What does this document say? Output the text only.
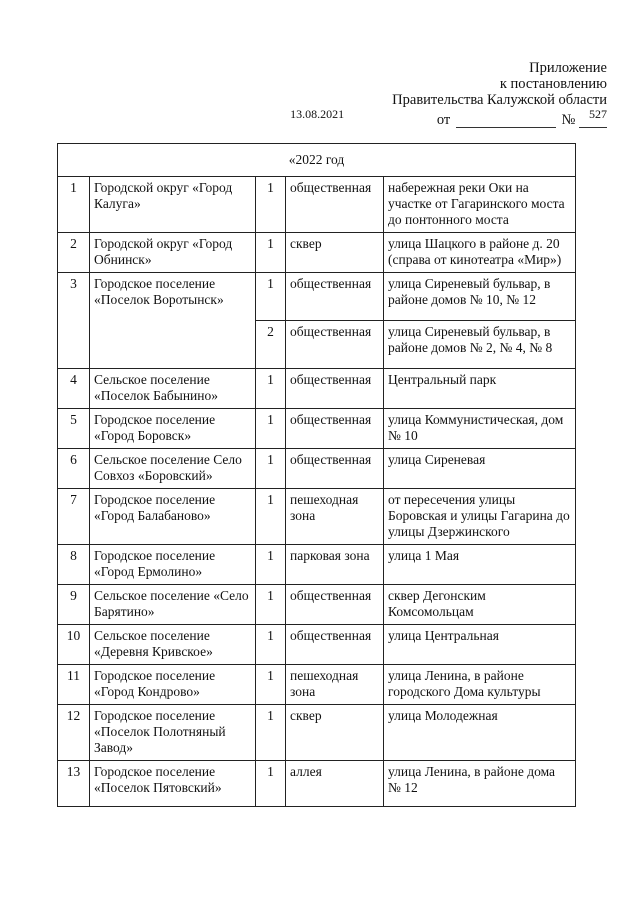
Приложение
к постановлению
Правительства Калужской области
от	№
13.08.2021	527
«2022 год				
1	Городской округ «Город Калуга»	1	общественная	набережная реки Оки на участке от Гагаринского моста до понтонного моста
2	Городской округ «Город Обнинск»	1	сквер	улица Шацкого в районе д. 20 (справа от кинотеатра «Мир»)
3	Городское поселение «Поселок Воротынск»	1	общественная	улица Сиреневый бульвар, в районе домов № 10, № 12
		2	общественная	улица Сиреневый бульвар, в районе домов № 2, № 4, № 8
4	Сельское поселение «Поселок Бабынино»	1	общественная	Центральный парк
5	Городское поселение «Город Боровск»	1	общественная	улица Коммунистическая, дом № 10
6	Сельское поселение Село Совхоз «Боровский»	1	общественная	улица Сиреневая
7	Городское поселение «Город Балабаново»	1	пешеходная зона	от пересечения улицы Боровская и улицы Гагарина до улицы Дзержинского
8	Городское поселение «Город Ермолино»	1	парковая зона	улица 1 Мая
9	Сельское поселение «Село Барятино»	1	общественная	сквер Дегонским Комсомольцам
10	Сельское поселение «Деревня Кривское»	1	общественная	улица Центральная
11	Городское поселение «Город Кондрово»	1	пешеходная зона	улица Ленина, в районе городского Дома культуры
12	Городское поселение «Поселок Полотняный Завод»	1	сквер	улица Молодежная
13	Городское поселение «Поселок Пятовский»	1	аллея	улица Ленина, в районе дома № 12
